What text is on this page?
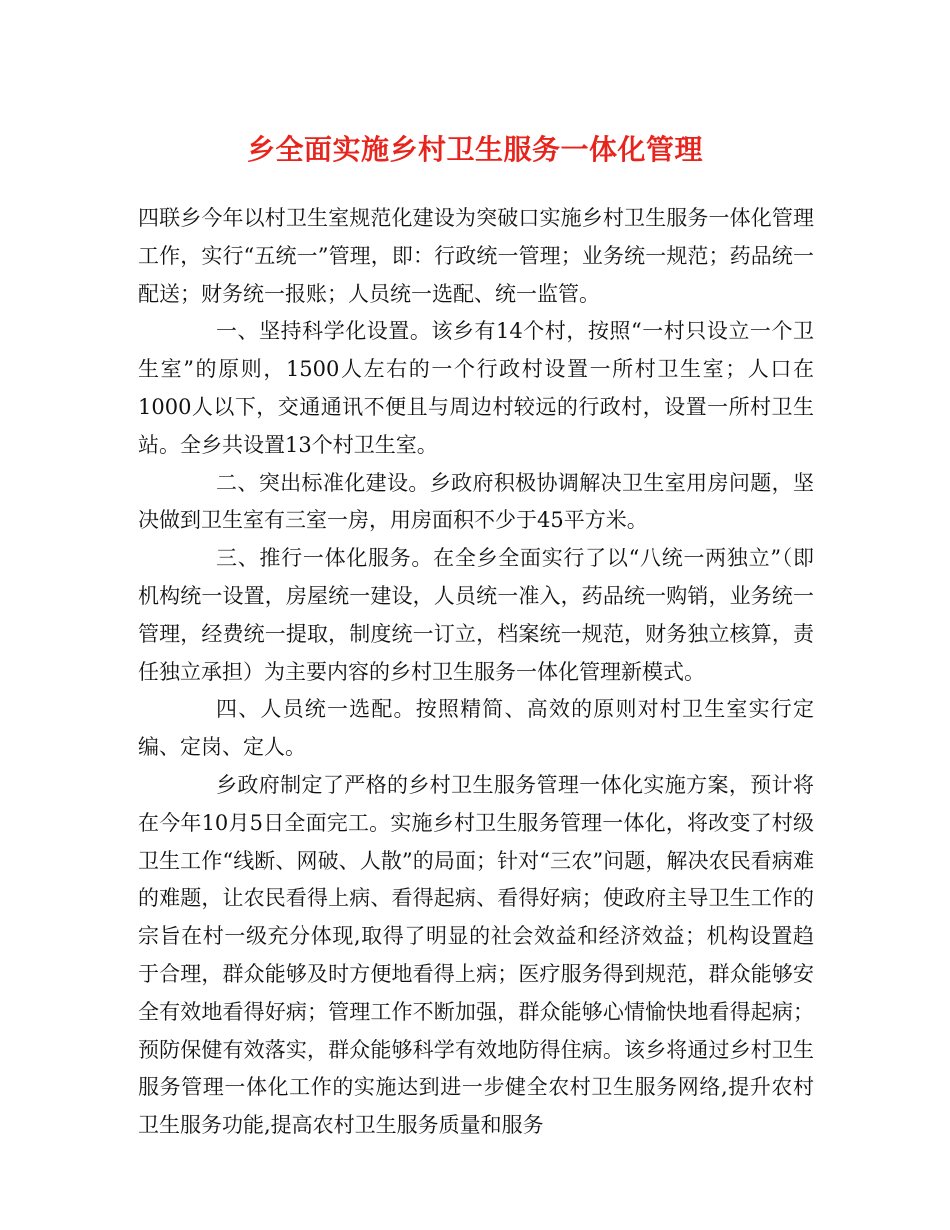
乡全面实施乡村卫生服务一体化管理

四联乡今年以村卫生室规范化建设为突破口实施乡村卫生服务一体化管理工作，实行“五统一”管理，即：行政统一管理；业务统一规范；药品统一配送；财务统一报账；人员统一选配、统一监管。

一、坚持科学化设置。该乡有14个村，按照“一村只设立一个卫生室”的原则，1500人左右的一个行政村设置一所村卫生室；人口在1000人以下，交通通讯不便且与周边村较远的行政村，设置一所村卫生站。全乡共设置13个村卫生室。

二、突出标准化建设。乡政府积极协调解决卫生室用房问题，坚决做到卫生室有三室一房，用房面积不少于45平方米。

三、推行一体化服务。在全乡全面实行了以“八统一两独立”（即机构统一设置，房屋统一建设，人员统一准入，药品统一购销，业务统一管理，经费统一提取，制度统一订立，档案统一规范，财务独立核算，责任独立承担）为主要内容的乡村卫生服务一体化管理新模式。

四、人员统一选配。按照精简、高效的原则对村卫生室实行定编、定岗、定人。

乡政府制定了严格的乡村卫生服务管理一体化实施方案，预计将在今年10月5日全面完工。实施乡村卫生服务管理一体化，将改变了村级卫生工作“线断、网破、人散”的局面；针对“三农”问题，解决农民看病难的难题，让农民看得上病、看得起病、看得好病；使政府主导卫生工作的宗旨在村一级充分体现,取得了明显的社会效益和经济效益；机构设置趋于合理，群众能够及时方便地看得上病；医疗服务得到规范，群众能够安全有效地看得好病；管理工作不断加强，群众能够心情愉快地看得起病；预防保健有效落实，群众能够科学有效地防得住病。该乡将通过乡村卫生服务管理一体化工作的实施达到进一步健全农村卫生服务网络,提升农村卫生服务功能,提高农村卫生服务质量和服务
